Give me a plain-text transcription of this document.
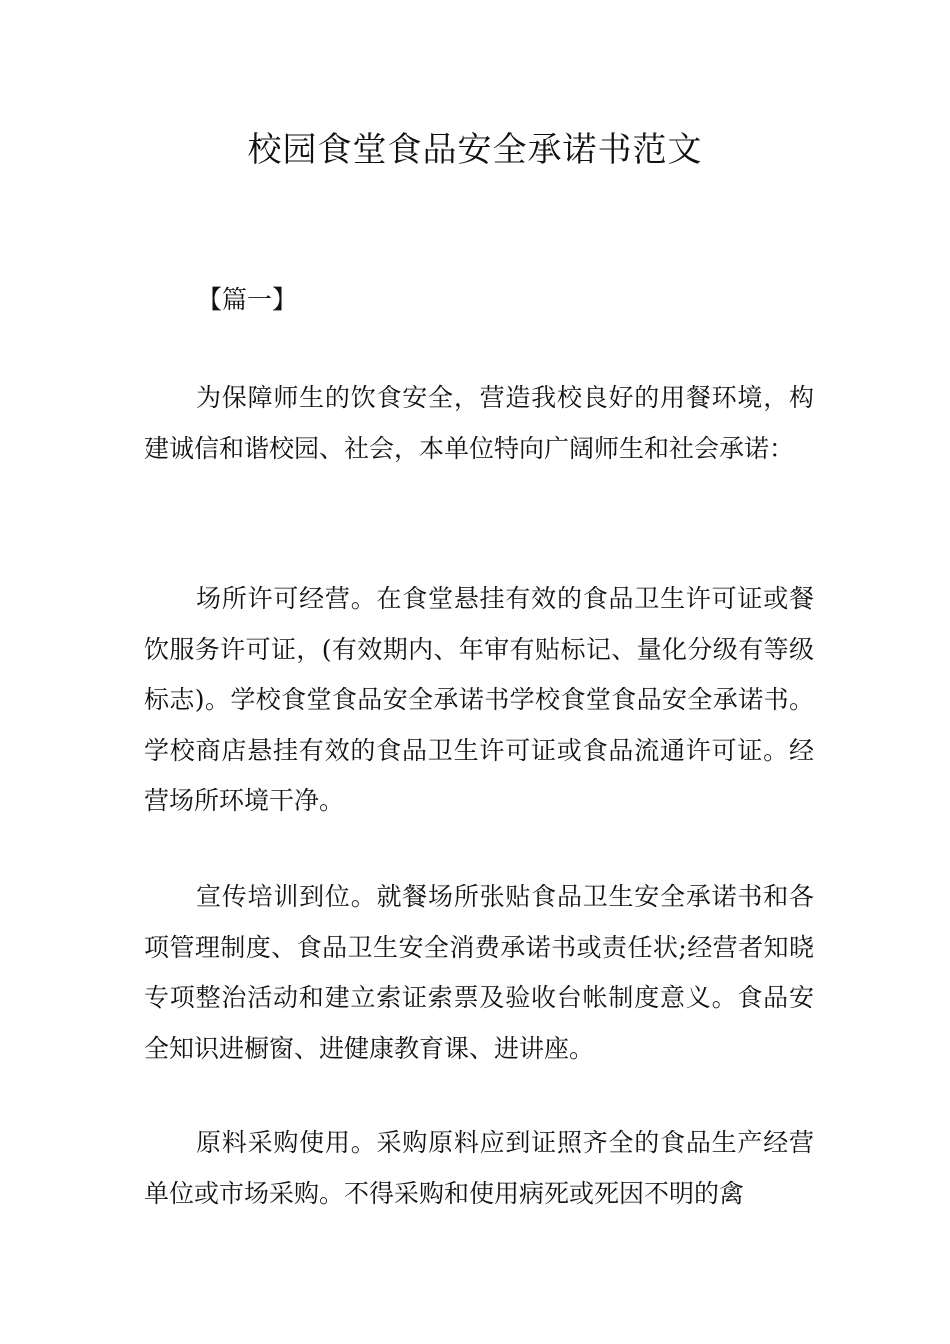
校园食堂食品安全承诺书范文
【篇一】

为保障师生的饮食安全，营造我校良好的用餐环境，构建诚信和谐校园、社会，本单位特向广阔师生和社会承诺：

场所许可经营。在食堂悬挂有效的食品卫生许可证或餐饮服务许可证，(有效期内、年审有贴标记、量化分级有等级标志)。学校食堂食品安全承诺书学校食堂食品安全承诺书。学校商店悬挂有效的食品卫生许可证或食品流通许可证。经营场所环境干净。

宣传培训到位。就餐场所张贴食品卫生安全承诺书和各项管理制度、食品卫生安全消费承诺书或责任状;经营者知晓专项整治活动和建立索证索票及验收台帐制度意义。食品安全知识进橱窗、进健康教育课、进讲座。

原料采购使用。采购原料应到证照齐全的食品生产经营单位或市场采购。不得采购和使用病死或死因不明的禽
